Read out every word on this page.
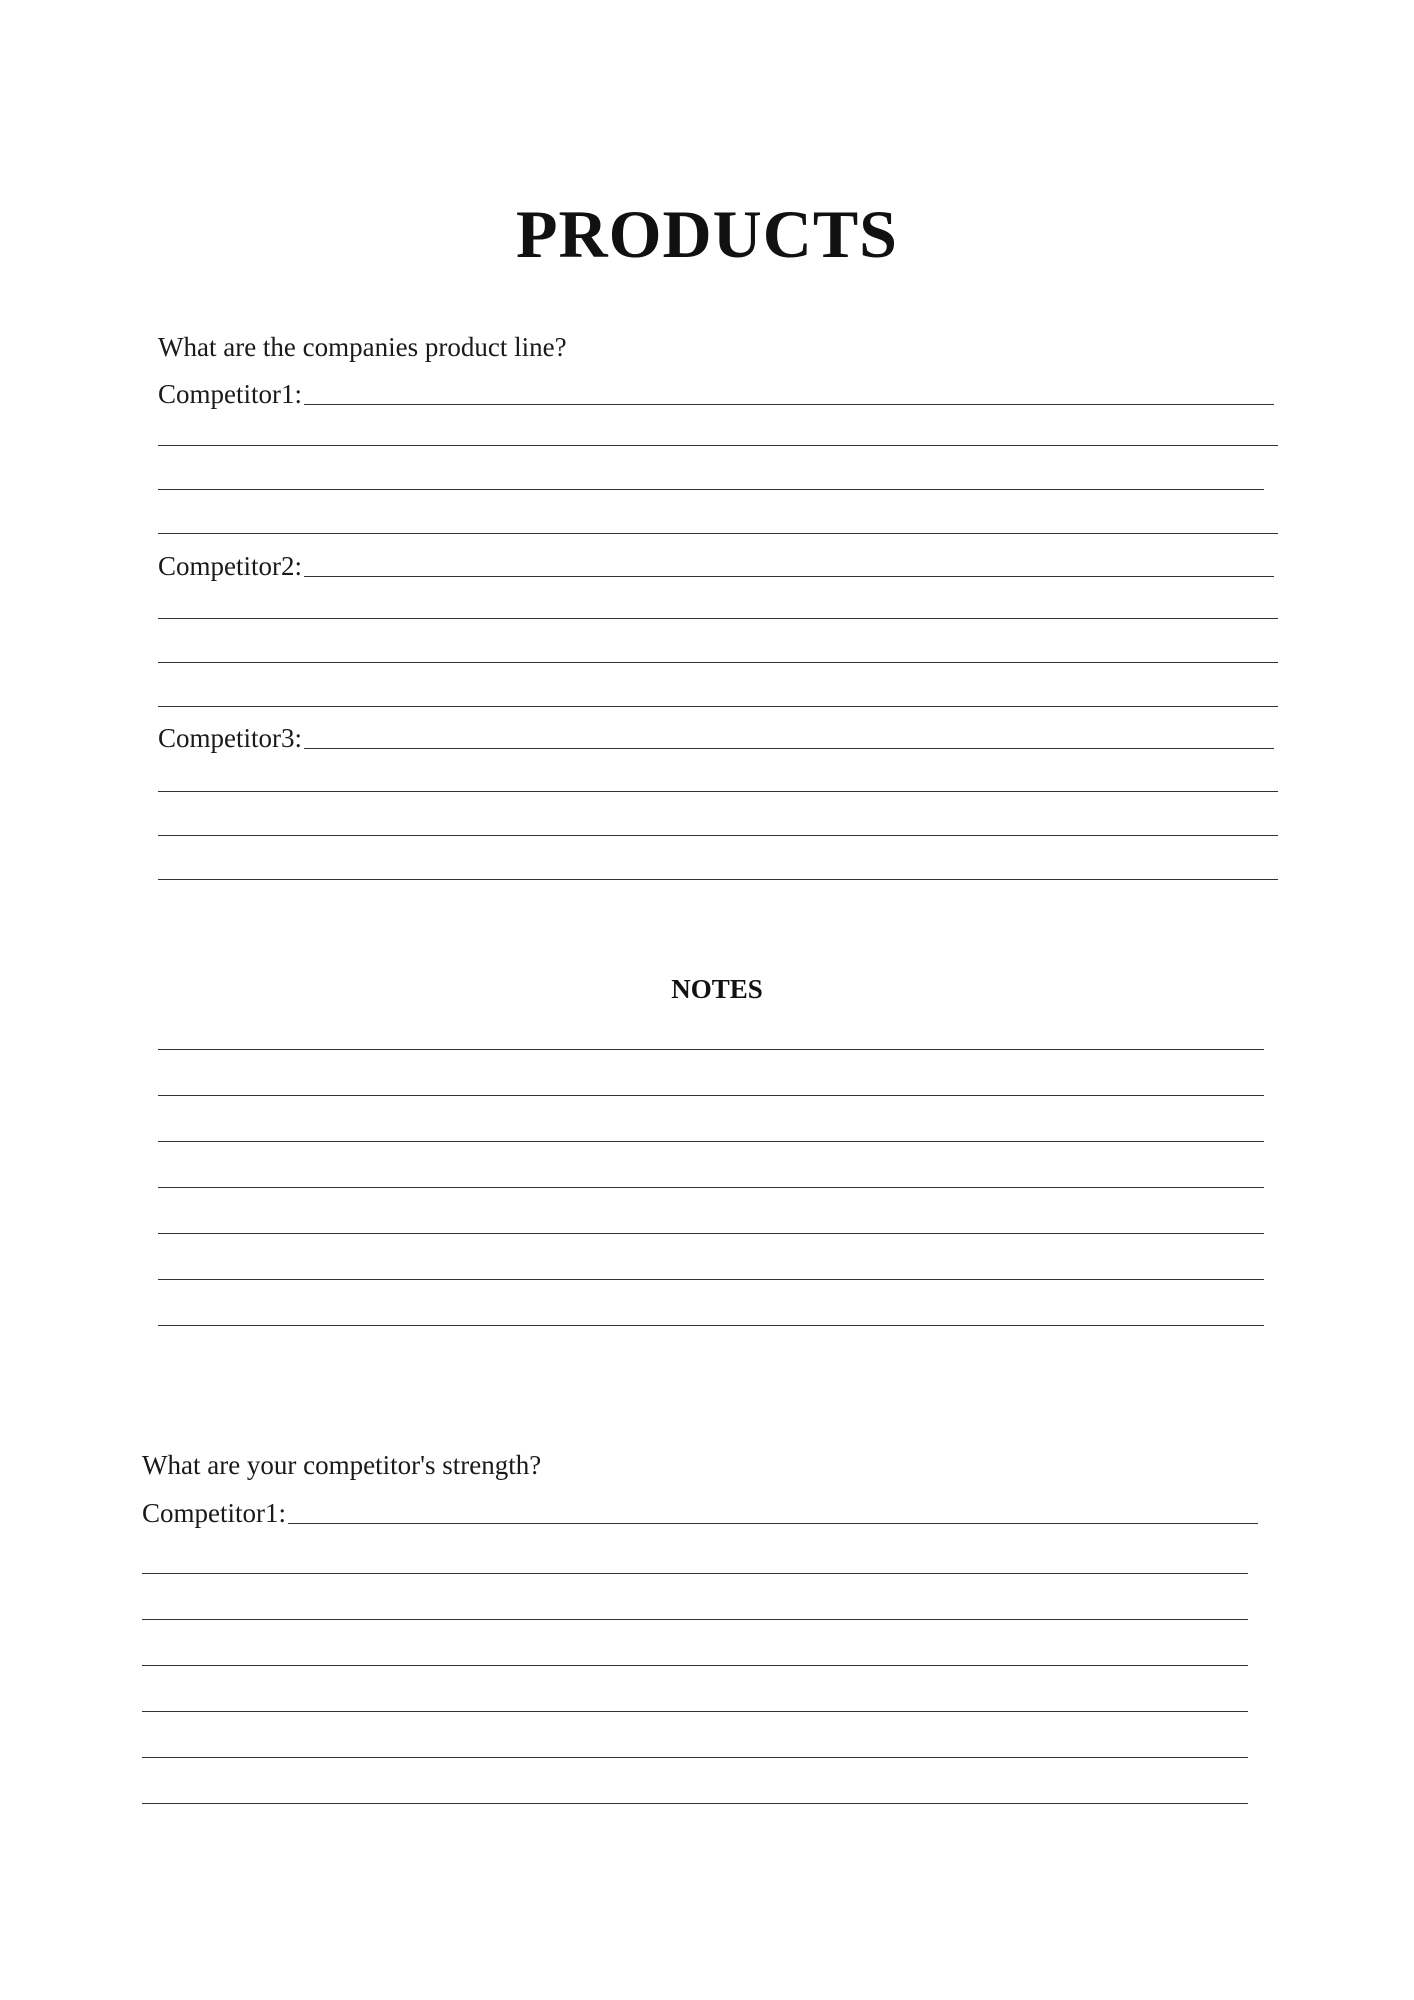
PRODUCTS
What are the companies product line?
Competitor1:
Competitor2:
Competitor3:
NOTES
What are your competitor's strength?
Competitor1:
